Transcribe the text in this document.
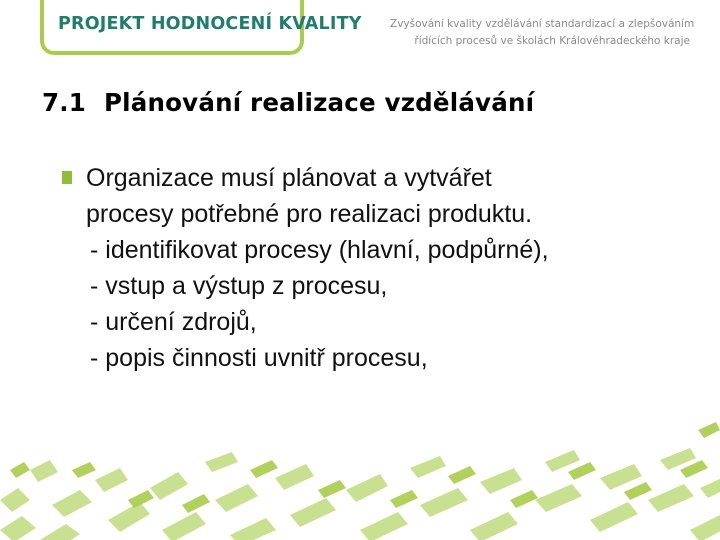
PROJEKT HODNOCENÍ KVALITY	Zvyšování kvality vzdělávání standardizací a zlepšováním
řídících procesů ve školách Královéhradeckého kraje
7.1 Plánování realizace vzdělávání
Organizace musí plánovat a vytvářet
procesy potřebné pro realizaci produktu.
- identifikovat procesy (hlavní, podpůrné),
- vstup a výstup z procesu,
- určení zdrojů,
- popis činnosti uvnitř procesu,
